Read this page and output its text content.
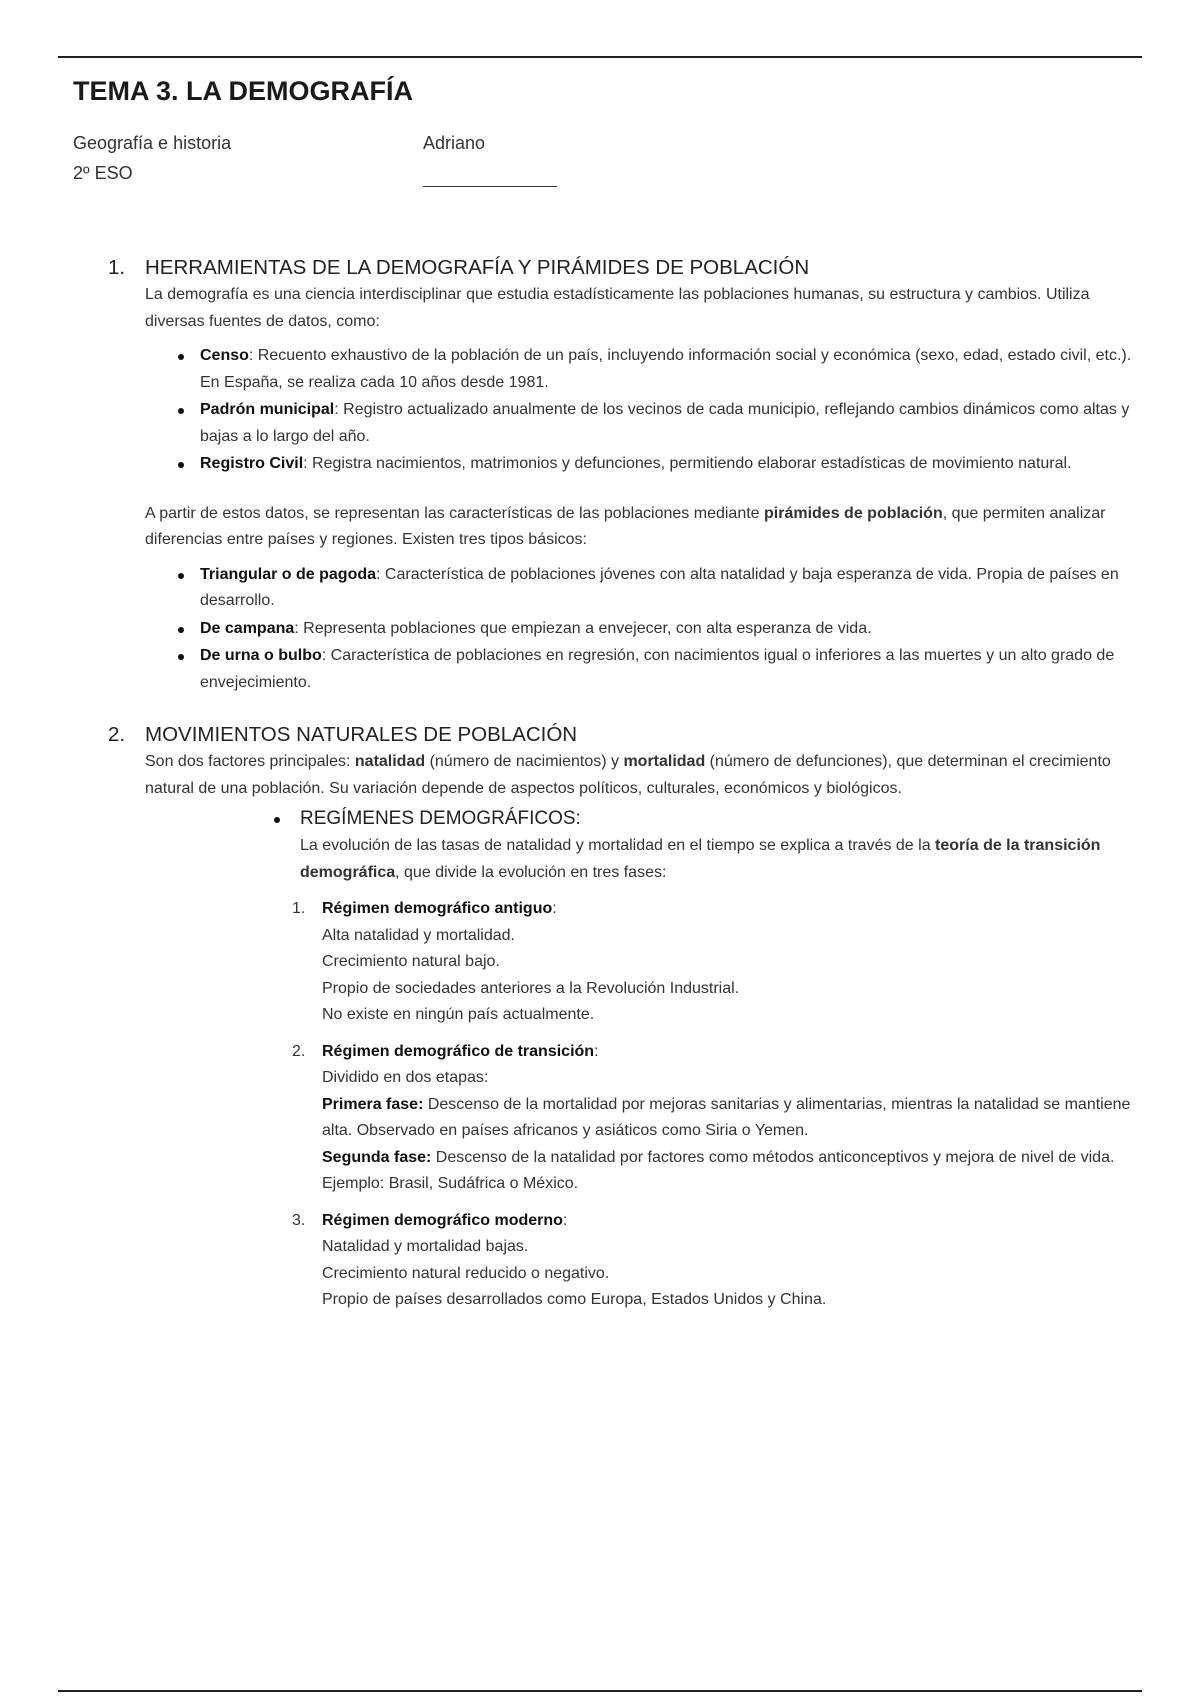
TEMA 3. LA DEMOGRAFÍA
Geografía e historia
2º ESO
Adriano
1. HERRAMIENTAS DE LA DEMOGRAFÍA Y PIRÁMIDES DE POBLACIÓN
La demografía es una ciencia interdisciplinar que estudia estadísticamente las poblaciones humanas, su estructura y cambios. Utiliza diversas fuentes de datos, como:
Censo: Recuento exhaustivo de la población de un país, incluyendo información social y económica (sexo, edad, estado civil, etc.). En España, se realiza cada 10 años desde 1981.
Padrón municipal: Registro actualizado anualmente de los vecinos de cada municipio, reflejando cambios dinámicos como altas y bajas a lo largo del año.
Registro Civil: Registra nacimientos, matrimonios y defunciones, permitiendo elaborar estadísticas de movimiento natural.
A partir de estos datos, se representan las características de las poblaciones mediante pirámides de población, que permiten analizar diferencias entre países y regiones. Existen tres tipos básicos:
Triangular o de pagoda: Característica de poblaciones jóvenes con alta natalidad y baja esperanza de vida. Propia de países en desarrollo.
De campana: Representa poblaciones que empiezan a envejecer, con alta esperanza de vida.
De urna o bulbo: Característica de poblaciones en regresión, con nacimientos igual o inferiores a las muertes y un alto grado de envejecimiento.
2. MOVIMIENTOS NATURALES DE POBLACIÓN
Son dos factores principales: natalidad (número de nacimientos) y mortalidad (número de defunciones), que determinan el crecimiento natural de una población. Su variación depende de aspectos políticos, culturales, económicos y biológicos.
REGÍMENES DEMOGRÁFICOS:
La evolución de las tasas de natalidad y mortalidad en el tiempo se explica a través de la teoría de la transición demográfica, que divide la evolución en tres fases:
1. Régimen demográfico antiguo:
Alta natalidad y mortalidad.
Crecimiento natural bajo.
Propio de sociedades anteriores a la Revolución Industrial.
No existe en ningún país actualmente.
2. Régimen demográfico de transición:
Dividido en dos etapas:
Primera fase: Descenso de la mortalidad por mejoras sanitarias y alimentarias, mientras la natalidad se mantiene alta. Observado en países africanos y asiáticos como Siria o Yemen.
Segunda fase: Descenso de la natalidad por factores como métodos anticonceptivos y mejora de nivel de vida. Ejemplo: Brasil, Sudáfrica o México.
3. Régimen demográfico moderno:
Natalidad y mortalidad bajas.
Crecimiento natural reducido o negativo.
Propio de países desarrollados como Europa, Estados Unidos y China.
